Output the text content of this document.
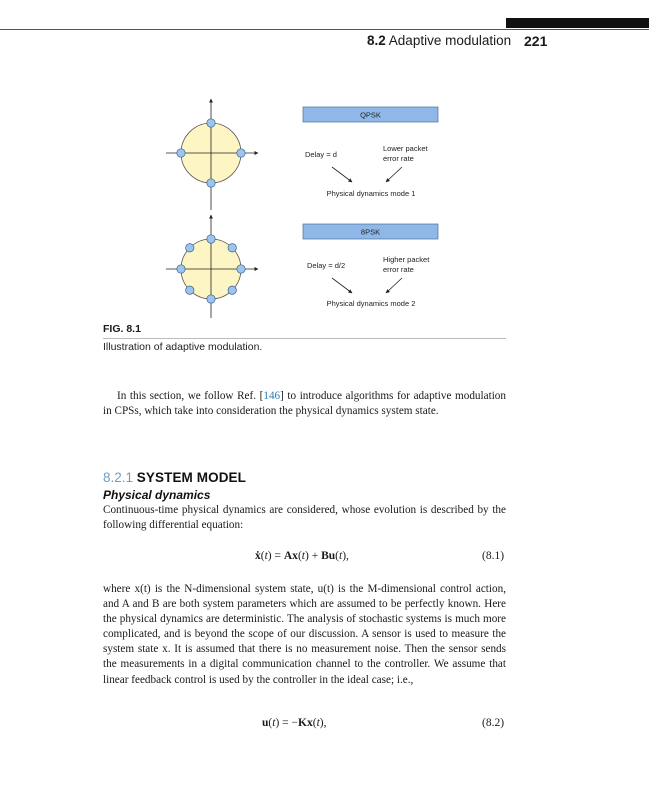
8.2 Adaptive modulation 221
QPSK
Delay = d
Lower packet
error rate
Physical dynamics mode 1
8PSK
Delay = d/2
Higher packet
error rate
Physical dynamics mode 2
FIG. 8.1
Illustration of adaptive modulation.
In this section, we follow Ref. [146] to introduce algorithms for adaptive modulation in CPSs, which take into consideration the physical dynamics system state.
8.2.1 SYSTEM MODEL
Physical dynamics
Continuous-time physical dynamics are considered, whose evolution is described by the following differential equation:
ẋ(t) = Ax(t) + Bu(t),	(8.1)
where x(t) is the N-dimensional system state, u(t) is the M-dimensional control action, and A and B are both system parameters which are assumed to be perfectly known. Here the physical dynamics are deterministic. The analysis of stochastic systems is much more complicated, and is beyond the scope of our discussion. A sensor is used to measure the system state x. It is assumed that there is no measurement noise. Then the sensor sends the measurements in a digital communication channel to the controller. We assume that linear feedback control is used by the controller in the ideal case; i.e.,
u(t) = −Kx(t),	(8.2)
